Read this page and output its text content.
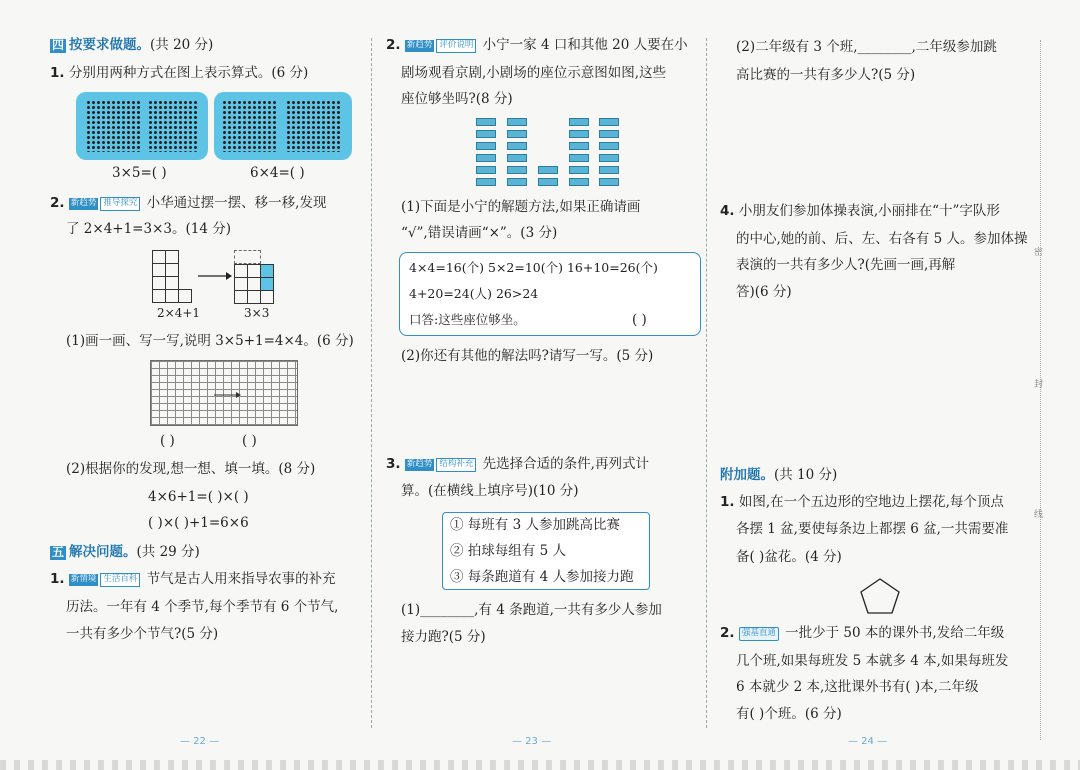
四 按要求做题。(共 20 分)

1. 分别用两种方式在图上表示算式。(6 分)

3×5=( )	6×4=( )

2. 新趋势 推导探究 小华通过摆一摆、移一移,发现

了 2×4+1=3×3。(14 分)

2×4+1	3×3

(1)画一画、写一写,说明 3×5+1=4×4。(6 分)

( )	( )

(2)根据你的发现,想一想、填一填。(8 分)

4×6+1=( )×( )

( )×( )+1=6×6

五 解决问题。(共 29 分)

1. 新情境 生活百科 节气是古人用来指导农事的补充

历法。一年有 4 个季节,每个季节有 6 个节气,

一共有多少个节气?(5 分)

— 22 —

2. 新趋势 评价说明 小宁一家 4 口和其他 20 人要在小

剧场观看京剧,小剧场的座位示意图如图,这些

座位够坐吗?(8 分)

(1)下面是小宁的解题方法,如果正确请画

“√”,错误请画“×”。(3 分)

4×4=16(个) 5×2=10(个) 16+10=26(个)

4+20=24(人) 26>24

口答:这些座位够坐。	( )

(2)你还有其他的解法吗?请写一写。(5 分)

3. 新趋势 结构补充 先选择合适的条件,再列式计

算。(在横线上填序号)(10 分)

① 每班有 3 人参加跳高比赛

② 拍球每组有 5 人

③ 每条跑道有 4 人参加接力跑

(1)________,有 4 条跑道,一共有多少人参加

接力跑?(5 分)

— 23 —

(2)二年级有 3 个班,________,二年级参加跳

高比赛的一共有多少人?(5 分)

4. 小朋友们参加体操表演,小丽排在“十”字队形

的中心,她的前、后、左、右各有 5 人。参加体操

表演的一共有多少人?(先画一画,再解

答)(6 分)

附加题。(共 10 分)

1. 如图,在一个五边形的空地边上摆花,每个顶点

各摆 1 盆,要使每条边上都摆 6 盆,一共需要准

备( )盆花。(4 分)

2. 强基直通 一批少于 50 本的课外书,发给二年级

几个班,如果每班发 5 本就多 4 本,如果每班发

6 本就少 2 本,这批课外书有( )本,二年级

有( )个班。(6 分)

— 24 —

密

封

线
